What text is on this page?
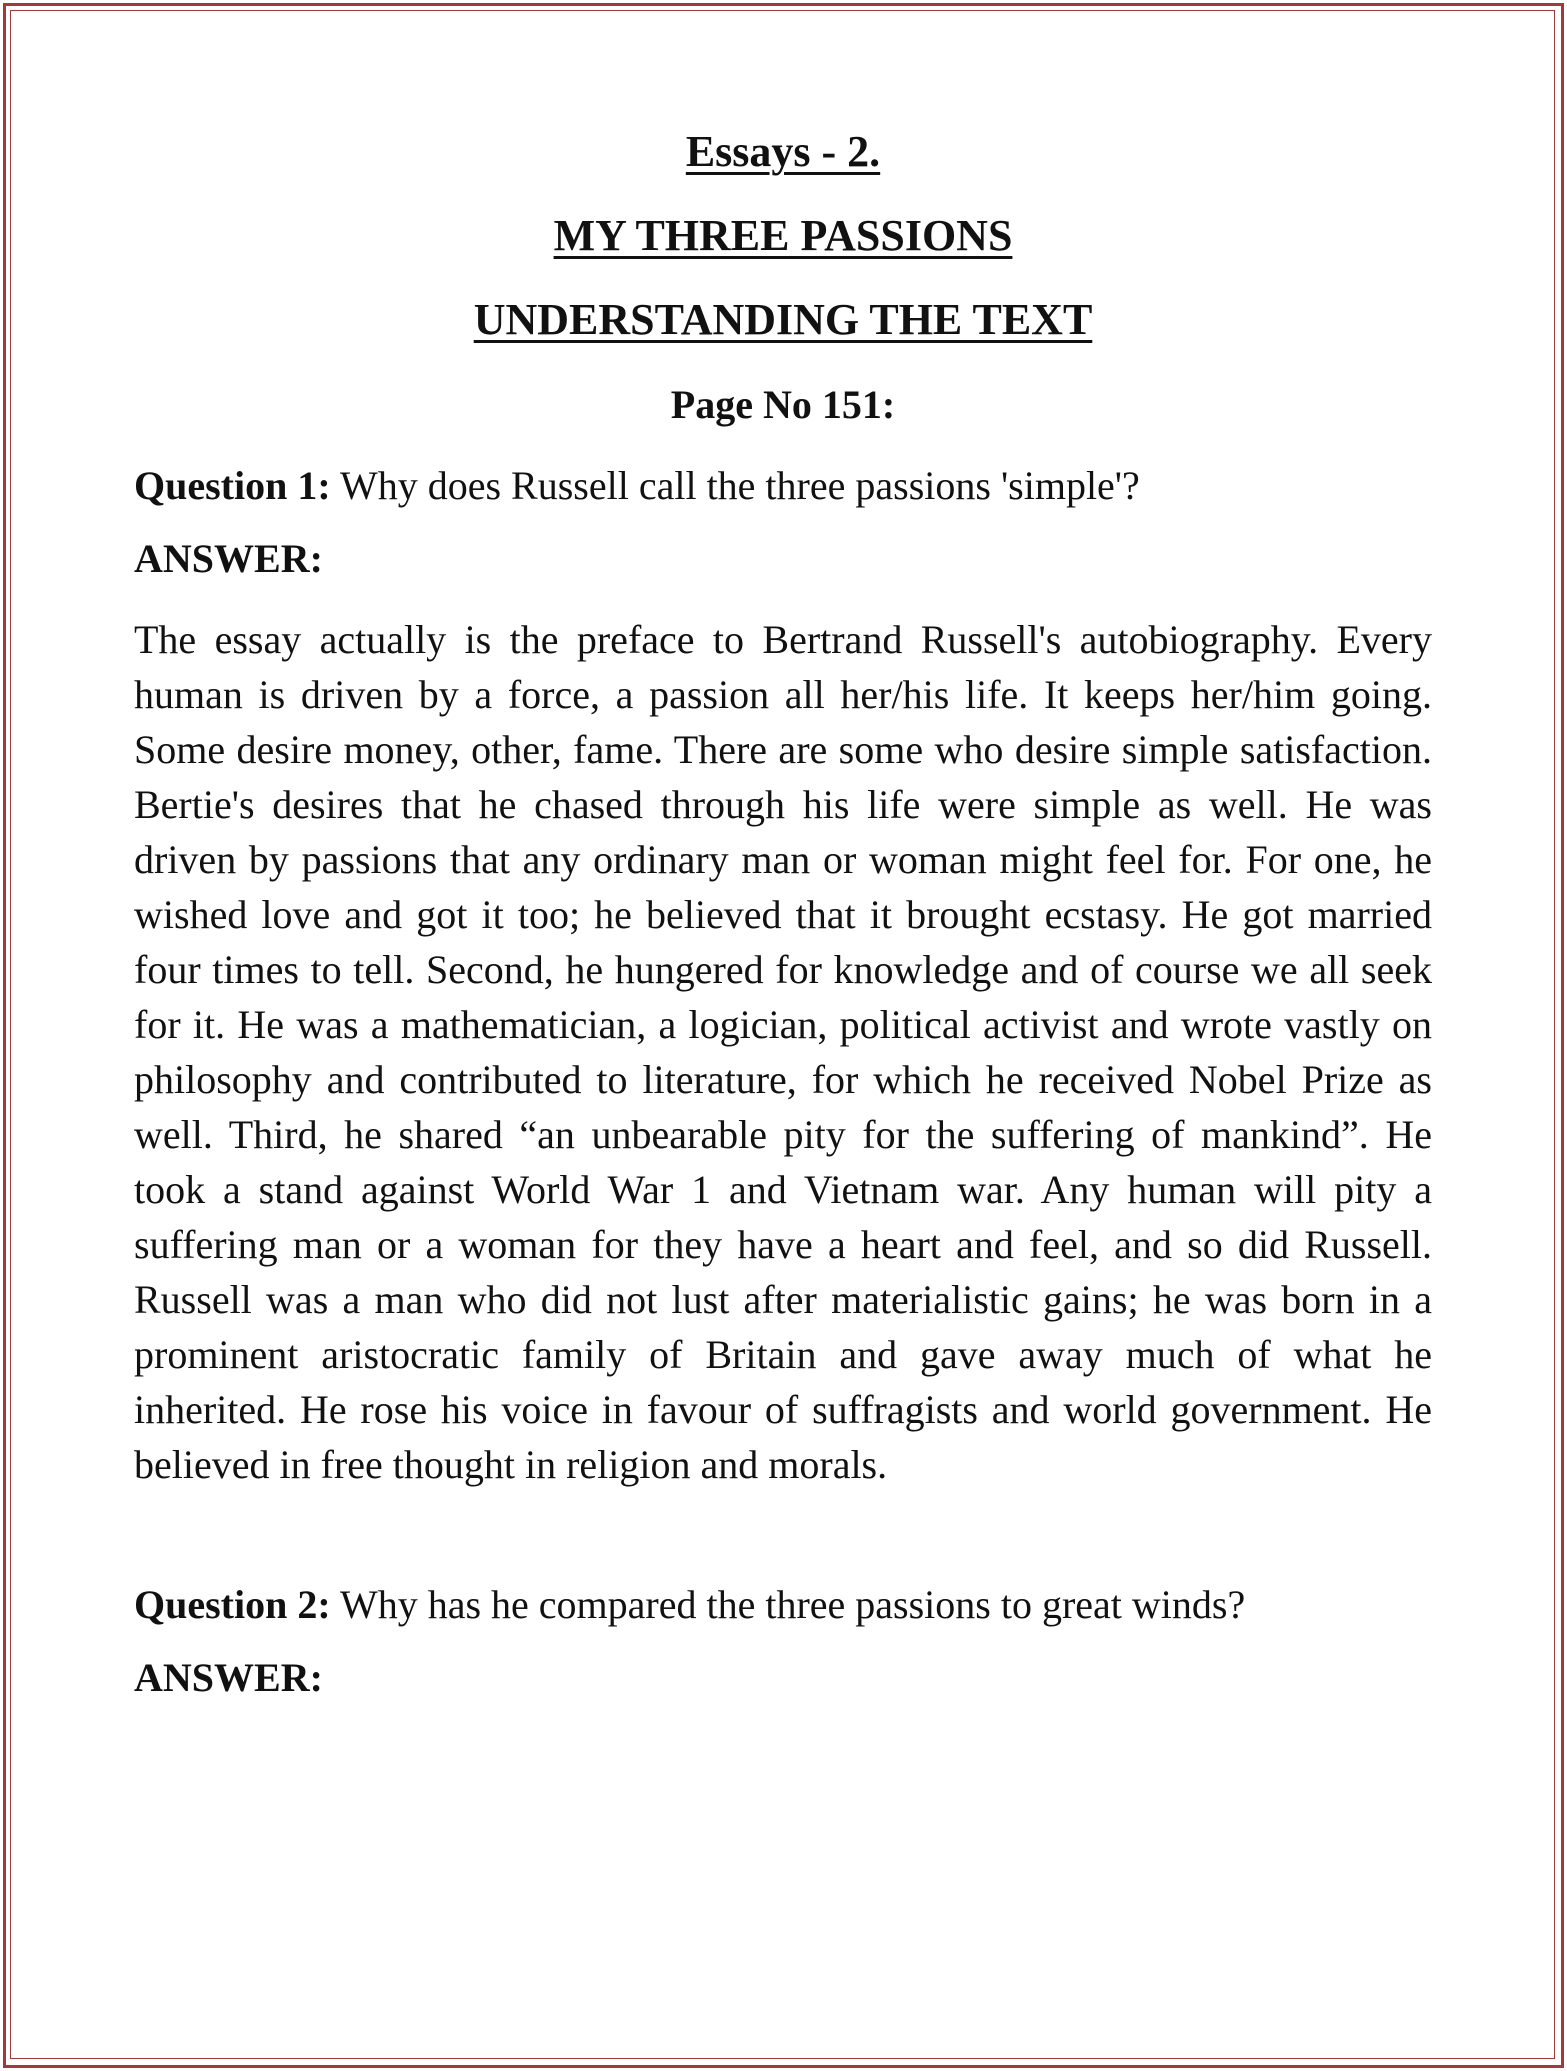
Essays - 2.
MY THREE PASSIONS
UNDERSTANDING THE TEXT
Page No 151:

Question 1: Why does Russell call the three passions 'simple'?

ANSWER:

The essay actually is the preface to Bertrand Russell's autobiography. Every human is driven by a force, a passion all her/his life. It keeps her/him going. Some desire money, other, fame. There are some who desire simple satisfaction. Bertie's desires that he chased through his life were simple as well. He was driven by passions that any ordinary man or woman might feel for. For one, he wished love and got it too; he believed that it brought ecstasy. He got married four times to tell. Second, he hungered for knowledge and of course we all seek for it. He was a mathematician, a logician, political activist and wrote vastly on philosophy and contributed to literature, for which he received Nobel Prize as well. Third, he shared “an unbearable pity for the suffering of mankind”. He took a stand against World War 1 and Vietnam war. Any human will pity a suffering man or a woman for they have a heart and feel, and so did Russell. Russell was a man who did not lust after materialistic gains; he was born in a prominent aristocratic family of Britain and gave away much of what he inherited. He rose his voice in favour of suffragists and world government. He believed in free thought in religion and morals.

Question 2: Why has he compared the three passions to great winds?

ANSWER:
